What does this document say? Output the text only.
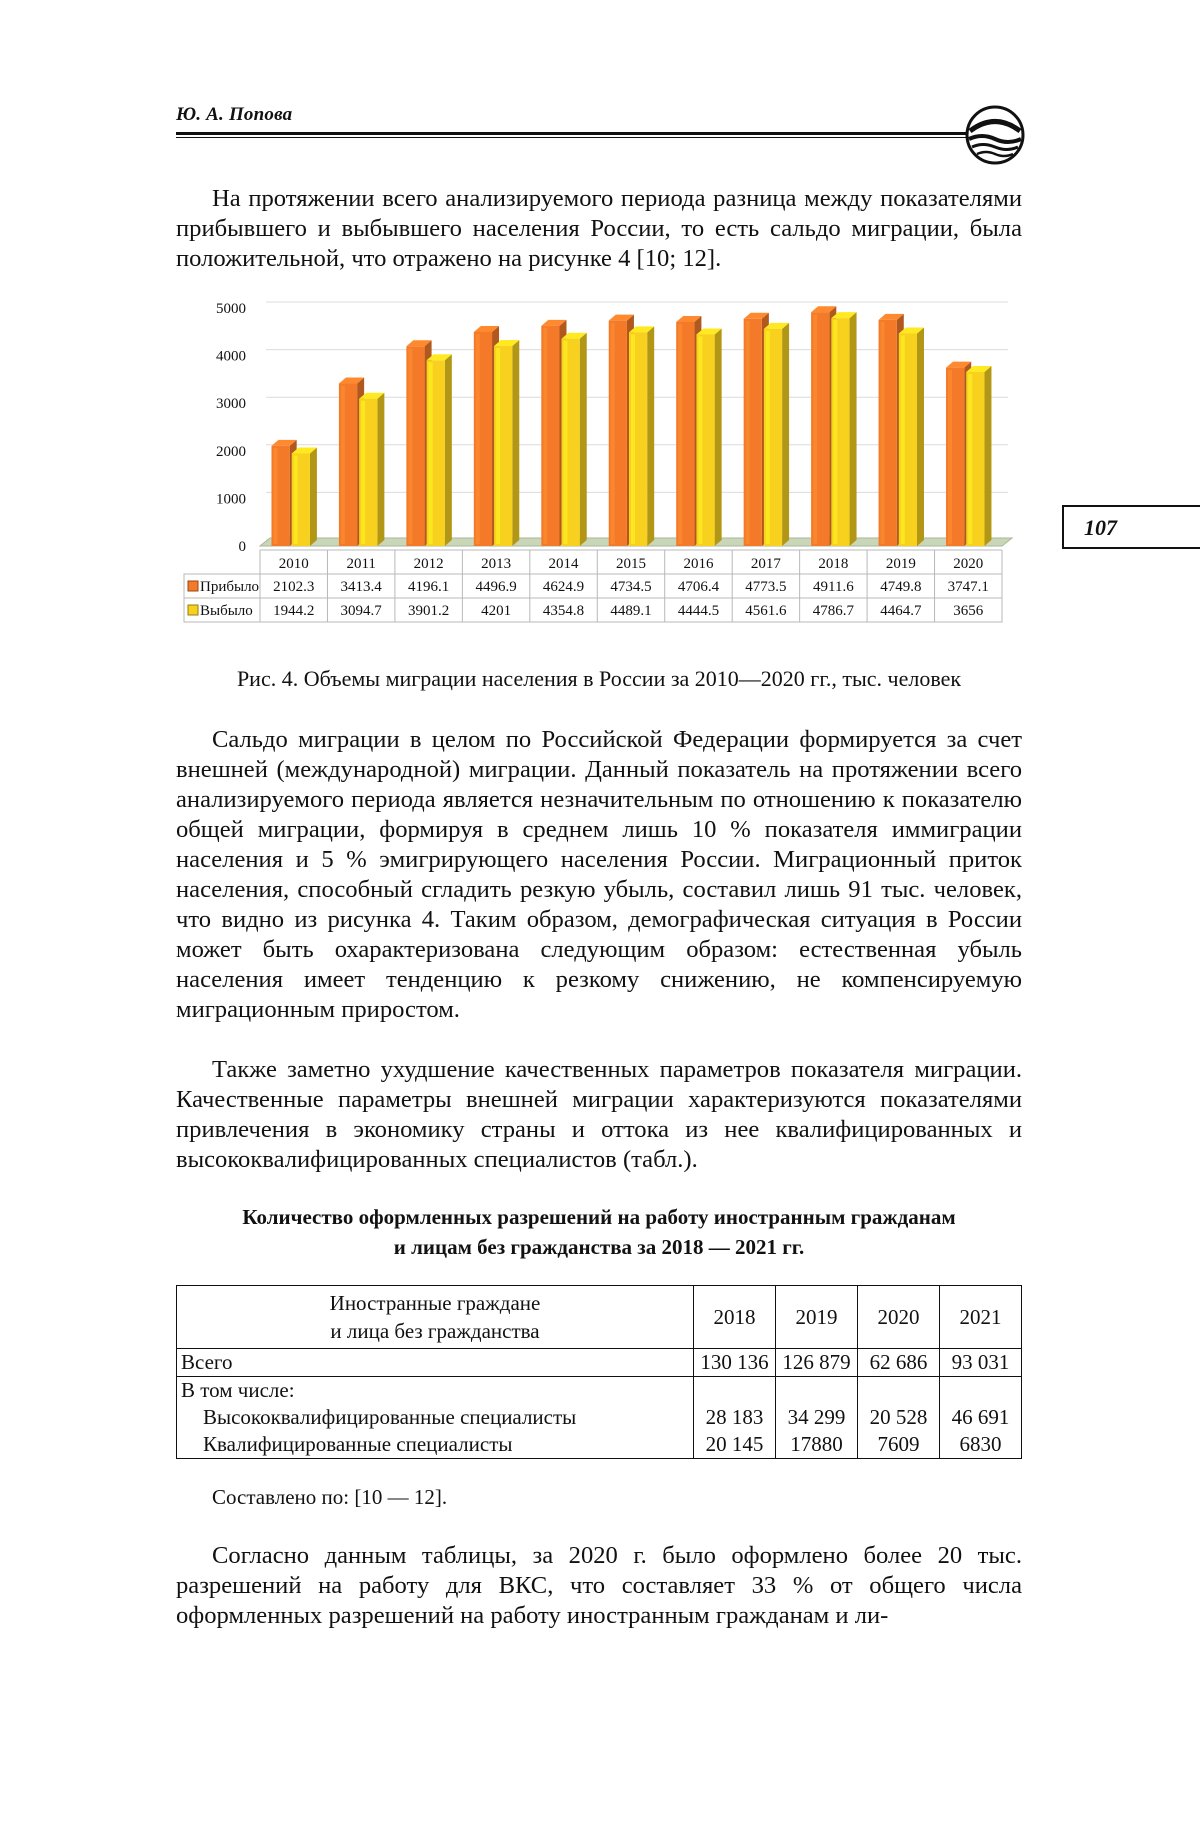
Ю. А. Попова
107

На протяжении всего анализируемого периода разница между показателями прибывшего и выбывшего населения России, то есть сальдо миграции, была положительной, что отражено на рисунке 4 [10; 12].

0
1000
2000
3000
4000
5000
2010	2011	2012 2013 2014 2015 2016 2017 2018 2019 2020
Прибыло 2102.3 3413.4 4196.1 4496.9 4624.9 4734.5 4706.4 4773.5 4911.6 4749.8 3747.1
Выбыло 1944.2 3094.7 3901.2 4201 4354.8 4489.1 4444.5 4561.6 4786.7 4464.7 3656

Рис. 4. Объемы миграции населения в России за 2010—2020 гг., тыс. человек

Сальдо миграции в целом по Российской Федерации формируется за счет внешней (международной) миграции. Данный показатель на протяжении всего анализируемого периода является незначительным по отношению к показателю общей миграции, формируя в среднем лишь 10 % показателя иммиграции населения и 5 % эмигрирующего населения России. Миграционный приток населения, способный сгладить резкую убыль, составил лишь 91 тыс. человек, что видно из рисунка 4. Таким образом, демографическая ситуация в России может быть охарактеризована следующим образом: естественная убыль населения имеет тенденцию к резкому снижению, не компенсируемую миграционным приростом.

Также заметно ухудшение качественных параметров показателя миграции. Качественные параметры внешней миграции характеризуются показателями привлечения в экономику страны и оттока из нее квалифицированных и высококвалифицированных специалистов (табл.).

Количество оформленных разрешений на работу иностранным гражданам
и лицам без гражданства за 2018 — 2021 гг.
Иностранные граждане
и лица без гражданства	2018	2019	2020	2021
Всего	130 136	126 879	62 686	93 031
В том числе:				
Высококвалифицированные специалисты	28 183	34 299	20 528	46 691
Квалифицированные специалисты	20 145	17880	7609	6830
Составлено по: [10 — 12].

Согласно данным таблицы, за 2020 г. было оформлено более 20 тыс. разрешений на работу для ВКС, что составляет 33 % от общего числа оформленных разрешений на работу иностранным гражданам и ли-
